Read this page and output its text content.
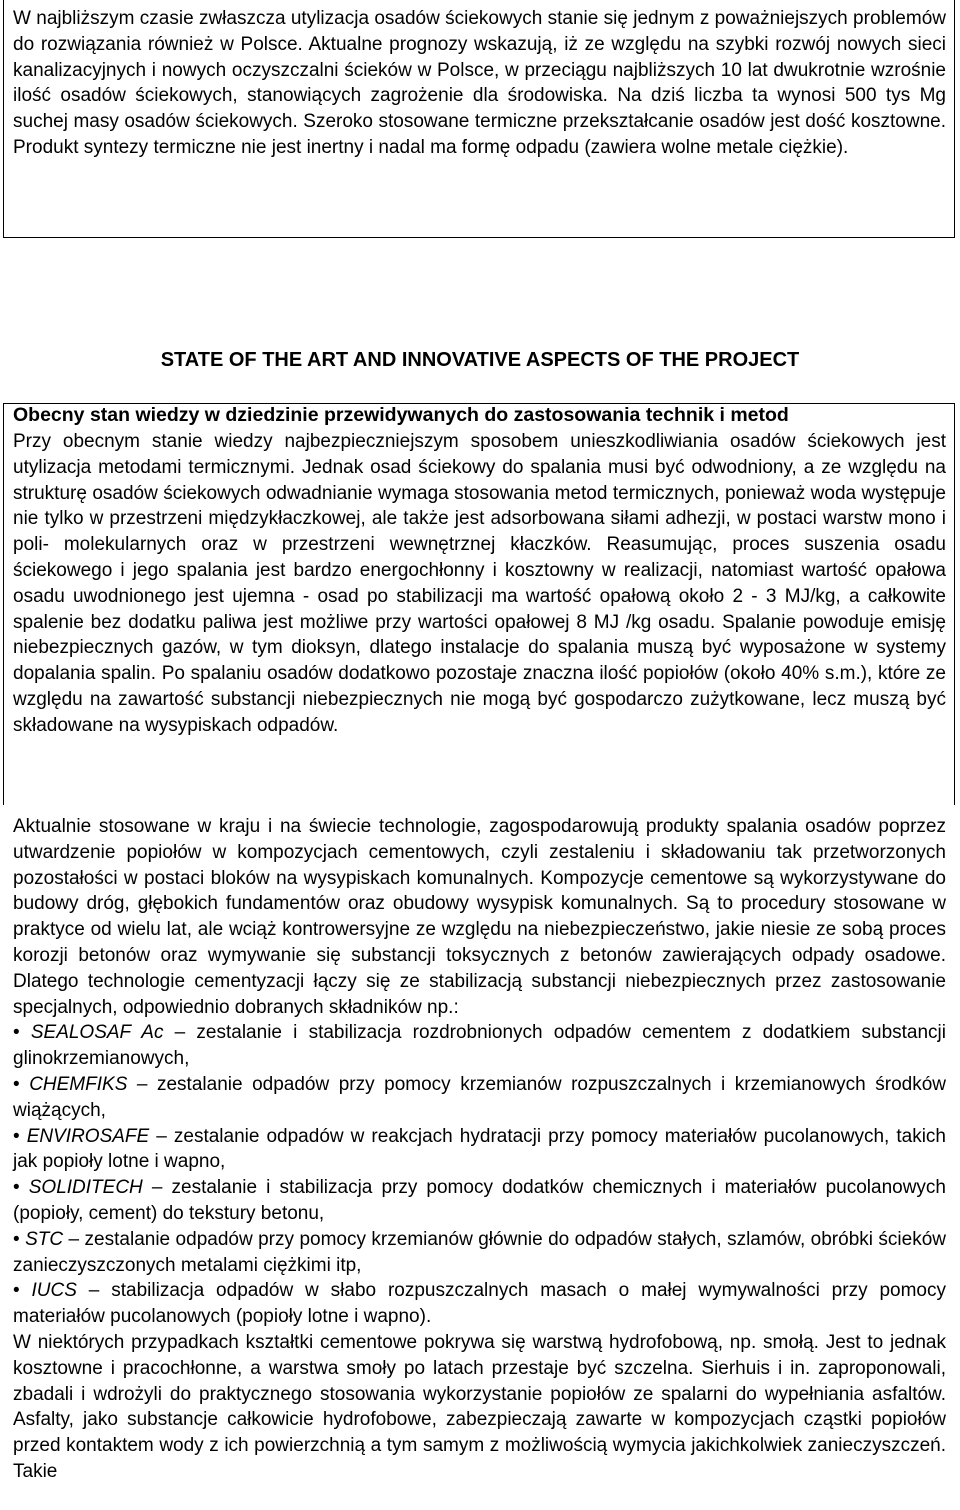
W najbliższym czasie zwłaszcza utylizacja osadów ściekowych stanie się jednym z poważniejszych problemów do rozwiązania również w Polsce. Aktualne prognozy wskazują, iż ze względu na szybki rozwój nowych sieci kanalizacyjnych i nowych oczyszczalni ścieków w Polsce, w przeciągu najbliższych 10 lat dwukrotnie wzrośnie ilość osadów ściekowych, stanowiących zagrożenie dla środowiska. Na dziś liczba ta wynosi 500 tys Mg suchej masy osadów ściekowych. Szeroko stosowane termiczne przekształcanie osadów jest dość kosztowne. Produkt syntezy termiczne nie jest inertny i nadal ma formę odpadu (zawiera wolne metale ciężkie).

STATE OF THE ART AND INNOVATIVE ASPECTS OF THE PROJECT

Obecny stan wiedzy w dziedzinie przewidywanych do zastosowania technik i metod

Przy obecnym stanie wiedzy najbezpieczniejszym sposobem unieszkodliwiania osadów ściekowych jest utylizacja metodami termicznymi. Jednak osad ściekowy do spalania musi być odwodniony, a ze względu na strukturę osadów ściekowych odwadnianie wymaga stosowania metod termicznych, ponieważ woda występuje nie tylko w przestrzeni międzykłaczkowej, ale także jest adsorbowana siłami adhezji, w postaci warstw mono i poli- molekularnych oraz w przestrzeni wewnętrznej kłaczków. Reasumując, proces suszenia osadu ściekowego i jego spalania jest bardzo energochłonny i kosztowny w realizacji, natomiast wartość opałowa osadu uwodnionego jest ujemna - osad po stabilizacji ma wartość opałową około 2 - 3 MJ/kg, a całkowite spalenie bez dodatku paliwa jest możliwe przy wartości opałowej 8 MJ /kg osadu. Spalanie powoduje emisję niebezpiecznych gazów, w tym dioksyn, dlatego instalacje do spalania muszą być wyposażone w systemy dopalania spalin. Po spalaniu osadów dodatkowo pozostaje znaczna ilość popiołów (około 40% s.m.), które ze względu na zawartość substancji niebezpiecznych nie mogą być gospodarczo zużytkowane, lecz muszą być składowane na wysypiskach odpadów.

Aktualnie stosowane w kraju i na świecie technologie, zagospodarowują produkty spalania osadów poprzez utwardzenie popiołów w kompozycjach cementowych, czyli zestaleniu i składowaniu tak przetworzonych pozostałości w postaci bloków na wysypiskach komunalnych. Kompozycje cementowe są wykorzystywane do budowy dróg, głębokich fundamentów oraz obudowy wysypisk komunalnych. Są to procedury stosowane w praktyce od wielu lat, ale wciąż kontrowersyjne ze względu na niebezpieczeństwo, jakie niesie ze sobą proces korozji betonów oraz wymywanie się substancji toksycznych z betonów zawierających odpady osadowe. Dlatego technologie cementyzacji łączy się ze stabilizacją substancji niebezpiecznych przez zastosowanie specjalnych, odpowiednio dobranych składników np.:

• SEALOSAF Ac – zestalanie i stabilizacja rozdrobnionych odpadów cementem z dodatkiem substancji glinokrzemianowych,

• CHEMFIKS – zestalanie odpadów przy pomocy krzemianów rozpuszczalnych i krzemianowych środków wiążących,

• ENVIROSAFE – zestalanie odpadów w reakcjach hydratacji przy pomocy materiałów pucolanowych, takich jak popioły lotne i wapno,

• SOLIDITECH – zestalanie i stabilizacja przy pomocy dodatków chemicznych i materiałów pucolanowych (popioły, cement) do tekstury betonu,

• STC – zestalanie odpadów przy pomocy krzemianów głównie do odpadów stałych, szlamów, obróbki ścieków zanieczyszczonych metalami ciężkimi itp,

• IUCS – stabilizacja odpadów w słabo rozpuszczalnych masach o małej wymywalności przy pomocy materiałów pucolanowych (popioły lotne i wapno).

W niektórych przypadkach kształtki cementowe pokrywa się warstwą hydrofobową, np. smołą. Jest to jednak kosztowne i pracochłonne, a warstwa smoły po latach przestaje być szczelna. Sierhuis i in. zaproponowali, zbadali i wdrożyli do praktycznego stosowania wykorzystanie popiołów ze spalarni do wypełniania asfaltów. Asfalty, jako substancje całkowicie hydrofobowe, zabezpieczają zawarte w kompozycjach cząstki popiołów przed kontaktem wody z ich powierzchnią a tym samym z możliwością wymycia jakichkolwiek zanieczyszczeń. Takie
